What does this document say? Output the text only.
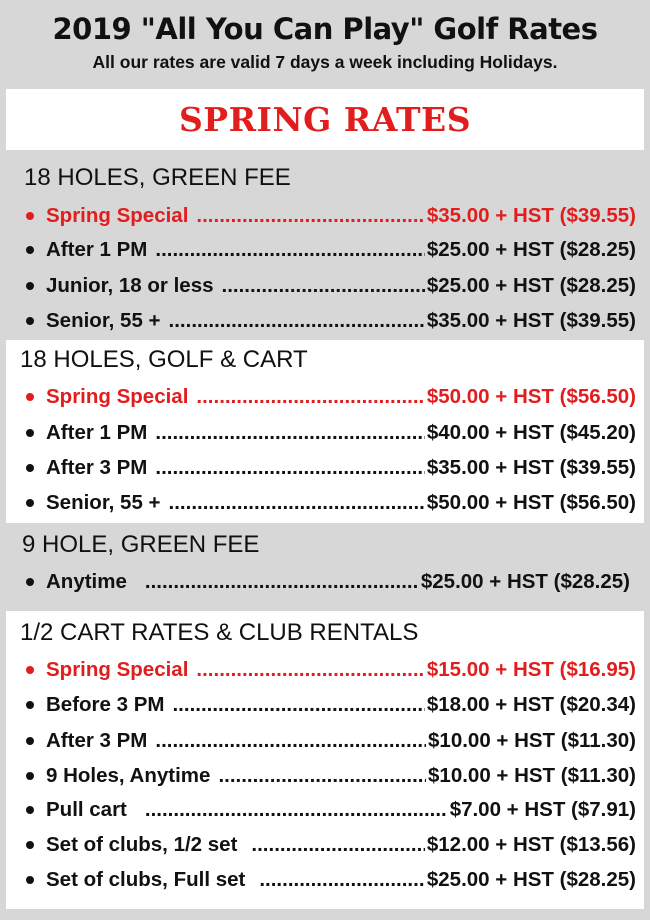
2019 "All You Can Play" Golf Rates
All our rates are valid 7 days a week including Holidays.
SPRING RATES
18 HOLES, GREEN FEE
Spring Special .....	$35.00 + HST ($39.55)
After 1 PM .....	$25.00 + HST ($28.25)
Junior, 18 or less .....	$25.00 + HST ($28.25)
Senior, 55 + .....	$35.00 + HST ($39.55)
18 HOLES, GOLF & CART
Spring Special .....	$50.00 + HST ($56.50)
After 1 PM .....	$40.00 + HST ($45.20)
After 3 PM .....	$35.00 + HST ($39.55)
Senior, 55 + .....	$50.00 + HST ($56.50)
9 HOLE, GREEN FEE
Anytime .....	$25.00 + HST ($28.25)
1/2 CART RATES & CLUB RENTALS
Spring Special .....	$15.00 + HST ($16.95)
Before 3 PM .....	$18.00 + HST ($20.34)
After 3 PM .....	$10.00 + HST ($11.30)
9 Holes, Anytime .....	$10.00 + HST ($11.30)
Pull cart .....	$7.00 + HST ($7.91)
Set of clubs, 1/2 set .....	$12.00 + HST ($13.56)
Set of clubs, Full set .....	$25.00 + HST ($28.25)
